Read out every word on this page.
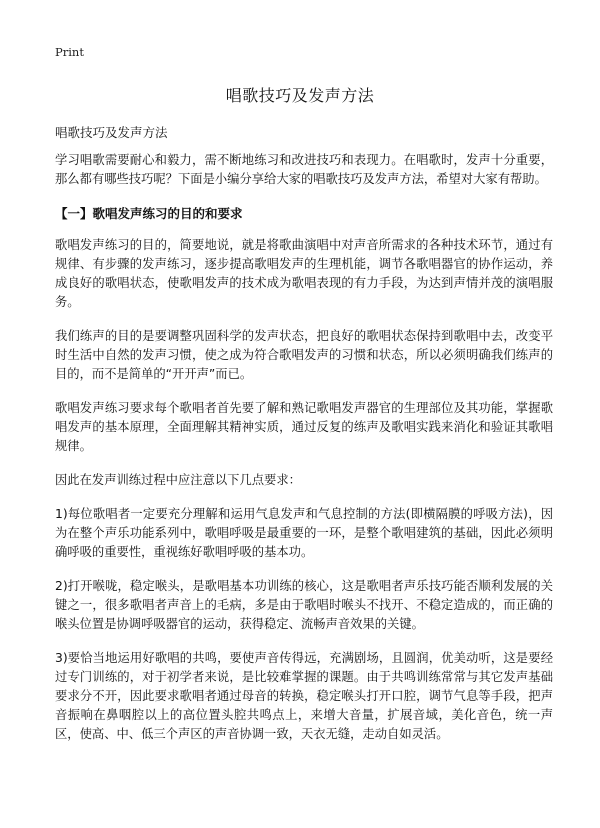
Print
唱歌技巧及发声方法

唱歌技巧及发声方法

学习唱歌需要耐心和毅力，需不断地练习和改进技巧和表现力。在唱歌时，发声十分重要，那么都有哪些技巧呢？下面是小编分享给大家的唱歌技巧及发声方法，希望对大家有帮助。

【一】歌唱发声练习的目的和要求

歌唱发声练习的目的，简要地说，就是将歌曲演唱中对声音所需求的各种技术环节，通过有规律、有步骤的发声练习，逐步提高歌唱发声的生理机能，调节各歌唱器官的协作运动，养成良好的歌唱状态，使歌唱发声的技术成为歌唱表现的有力手段，为达到声情并茂的演唱服务。

我们练声的目的是要调整巩固科学的发声状态，把良好的歌唱状态保持到歌唱中去，改变平时生活中自然的发声习惯，使之成为符合歌唱发声的习惯和状态，所以必须明确我们练声的目的，而不是简单的“开开声”而已。

歌唱发声练习要求每个歌唱者首先要了解和熟记歌唱发声器官的生理部位及其功能，掌握歌唱发声的基本原理，全面理解其精神实质，通过反复的练声及歌唱实践来消化和验证其歌唱规律。

因此在发声训练过程中应注意以下几点要求：

1)每位歌唱者一定要充分理解和运用气息发声和气息控制的方法(即横隔膜的呼吸方法)，因为在整个声乐功能系列中，歌唱呼吸是最重要的一环，是整个歌唱建筑的基础，因此必须明确呼吸的重要性，重视练好歌唱呼吸的基本功。

2)打开喉咙，稳定喉头，是歌唱基本功训练的核心，这是歌唱者声乐技巧能否顺利发展的关键之一，很多歌唱者声音上的毛病，多是由于歌唱时喉头不找开、不稳定造成的，而正确的喉头位置是协调呼吸器官的运动，获得稳定、流畅声音效果的关键。

3)要恰当地运用好歌唱的共鸣，要使声音传得远，充满剧场，且圆润，优美动听，这是要经过专门训练的，对于初学者来说，是比较难掌握的课题。由于共鸣训练常常与其它发声基础要求分不开，因此要求歌唱者通过母音的转换，稳定喉头打开口腔，调节气息等手段，把声音振响在鼻咽腔以上的高位置头腔共鸣点上，来增大音量，扩展音域，美化音色，统一声区，使高、中、低三个声区的声音协调一致，天衣无缝，走动自如灵活。
